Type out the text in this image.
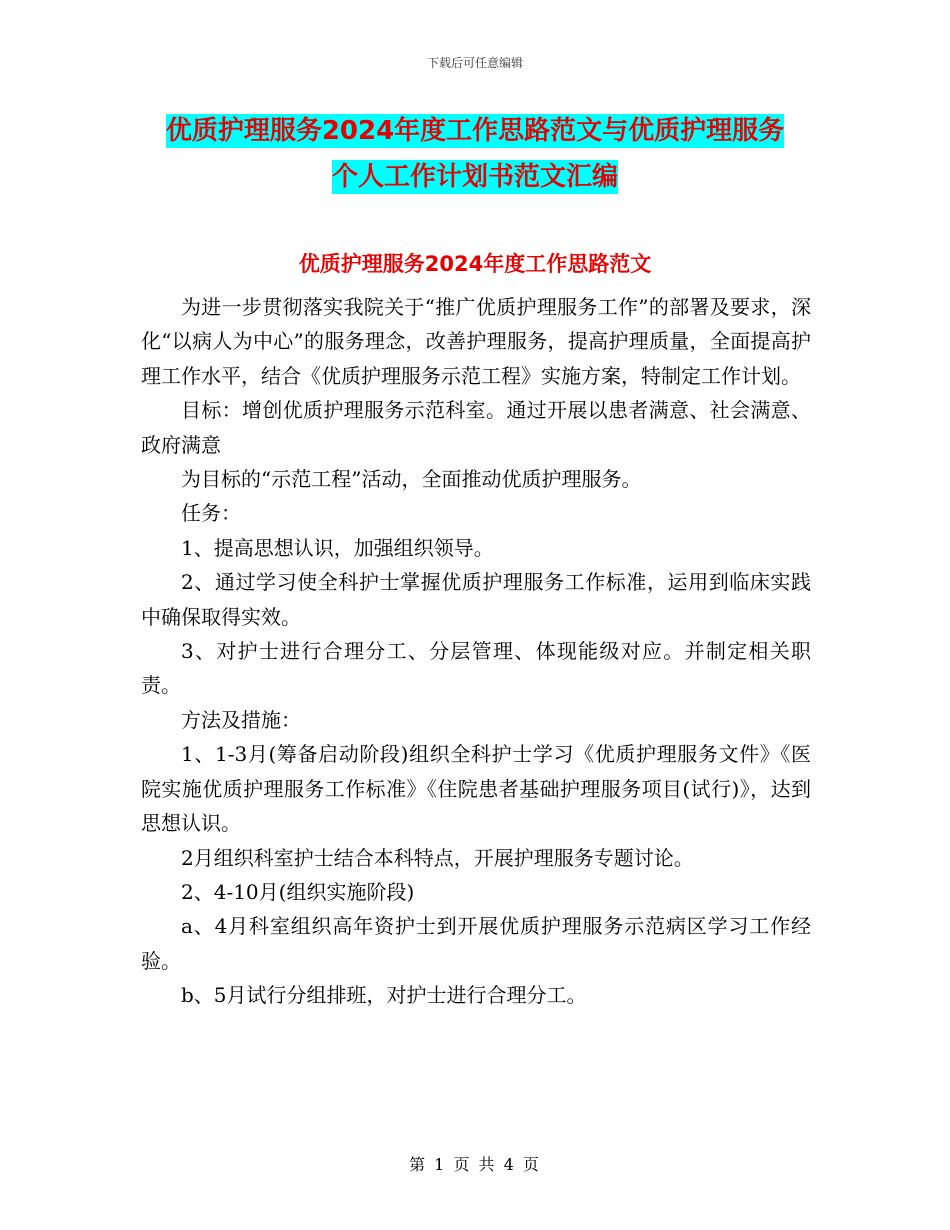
下载后可任意编辑
优质护理服务2024年度工作思路范文与优质护理服务
个人工作计划书范文汇编
优质护理服务2024年度工作思路范文

为进一步贯彻落实我院关于“推广优质护理服务工作”的部署及要求，深化“以病人为中心”的服务理念，改善护理服务，提高护理质量，全面提高护理工作水平，结合《优质护理服务示范工程》实施方案，特制定工作计划。

目标：增创优质护理服务示范科室。通过开展以患者满意、社会满意、政府满意

为目标的“示范工程”活动，全面推动优质护理服务。

任务：

1、提高思想认识，加强组织领导。

2、通过学习使全科护士掌握优质护理服务工作标准，运用到临床实践中确保取得实效。

3、对护士进行合理分工、分层管理、体现能级对应。并制定相关职责。

方法及措施：

1、1-3月(筹备启动阶段)组织全科护士学习《优质护理服务文件》《医院实施优质护理服务工作标准》《住院患者基础护理服务项目(试行)》，达到思想认识。

2月组织科室护士结合本科特点，开展护理服务专题讨论。

2、4-10月(组织实施阶段)

a、4月科室组织高年资护士到开展优质护理服务示范病区学习工作经验。

b、5月试行分组排班，对护士进行合理分工。

第 1 页 共 4 页
